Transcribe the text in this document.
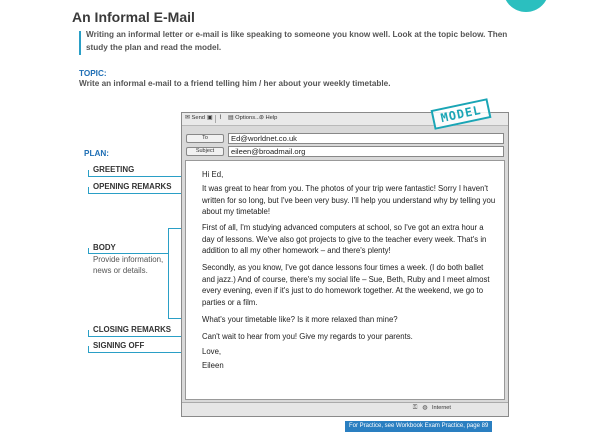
An Informal E-Mail
Writing an informal letter or e-mail is like speaking to someone you know well. Look at the topic below. Then study the plan and read the model.
TOPIC:
Write an informal e-mail to a friend telling him / her about your weekly timetable.
PLAN:
GREETING
OPENING REMARKS
BODY
Provide information,
news or details.
CLOSING REMARKS
SIGNING OFF
✉ Send ▣ ⌇ ▤ Options... ⊛ Help	MODEL
To	Ed@worldnet.co.uk
Subject	eileen@broadmail.org
Hi Ed,
It was great to hear from you. The photos of your trip were fantastic! Sorry I haven't written for so long, but I've been very busy. I'll help you understand why by telling you about my timetable!
First of all, I'm studying advanced computers at school, so I've got an extra hour a day of lessons. We've also got projects to give to the teacher every week. That's in addition to all my other homework – and there's plenty!
Secondly, as you know, I've got dance lessons four times a week. (I do both ballet and jazz.) And of course, there's my social life – Sue, Beth, Ruby and I meet almost every evening, even if it's just to do homework together. At the weekend, we go to parties or a film.
What's your timetable like? Is it more relaxed than mine?
Can't wait to hear from you! Give my regards to your parents.
Love,
Eileen
⚿ ◍ Internet
For Practice, see Workbook Exam Practice, page 89
